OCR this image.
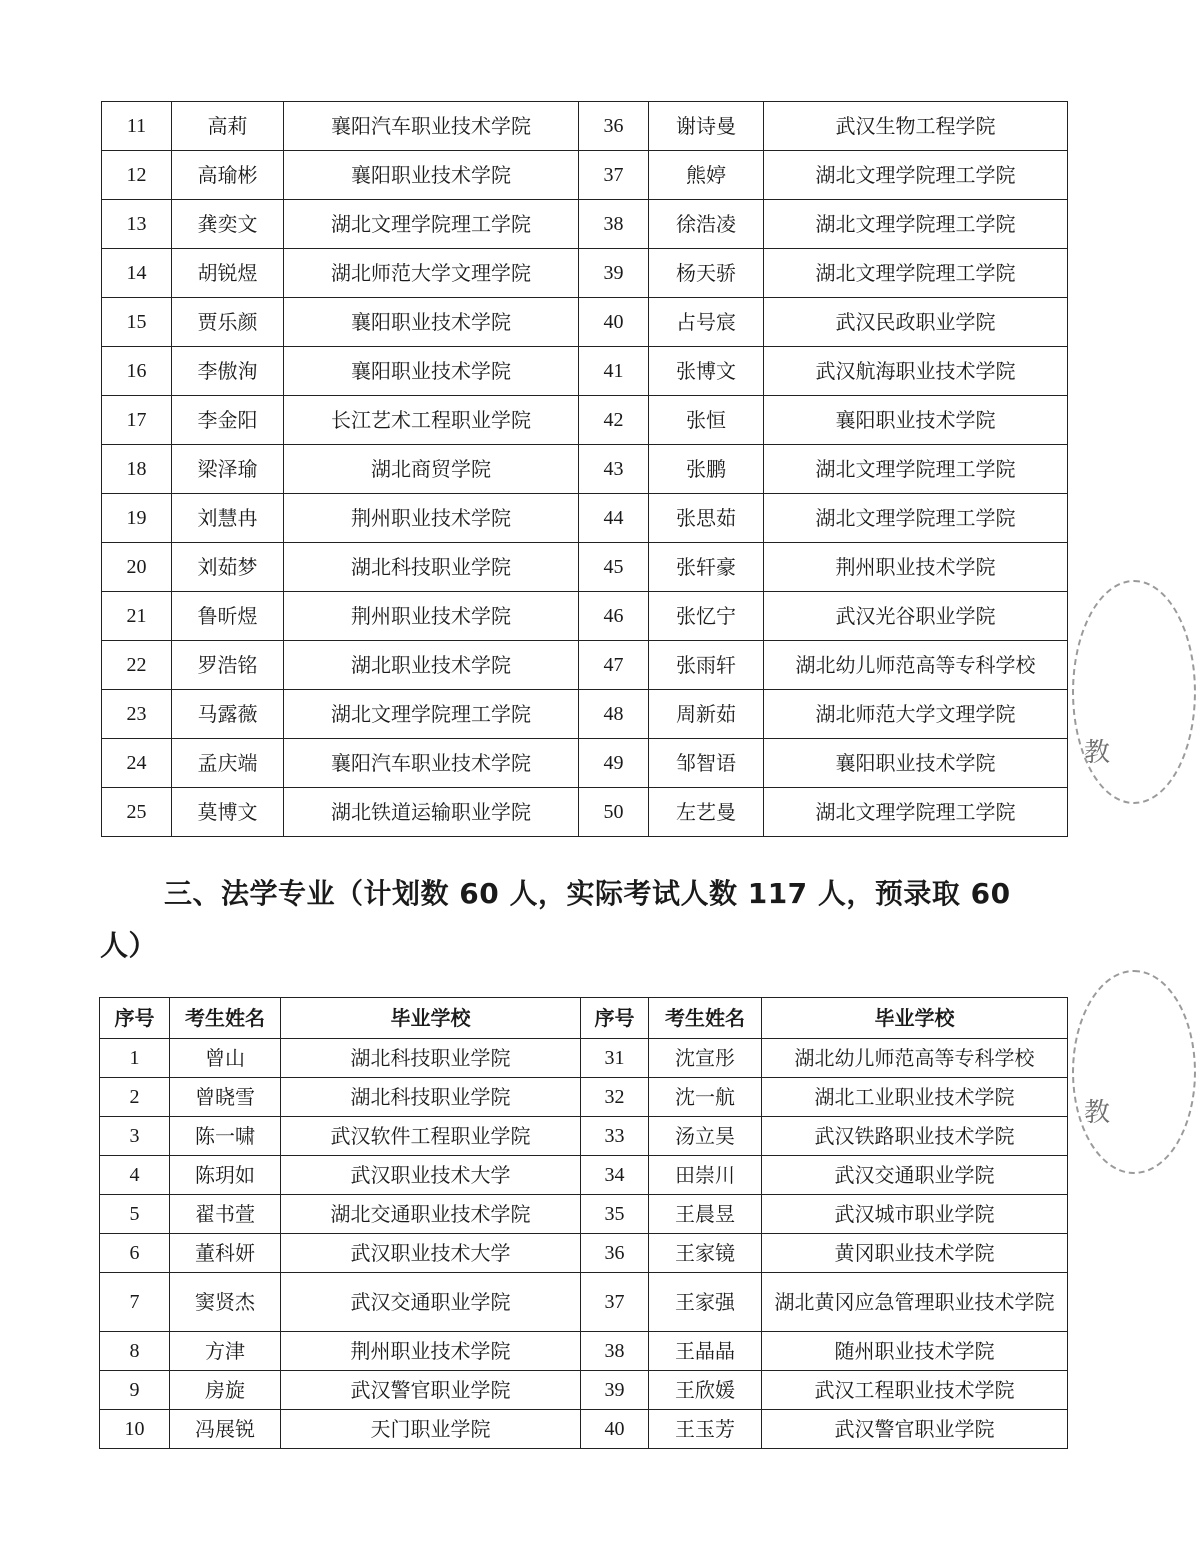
11	高莉	襄阳汽车职业技术学院	36	谢诗曼	武汉生物工程学院
12	高瑜彬	襄阳职业技术学院	37	熊婷	湖北文理学院理工学院
13	龚奕文	湖北文理学院理工学院	38	徐浩凌	湖北文理学院理工学院
14	胡锐煜	湖北师范大学文理学院	39	杨天骄	湖北文理学院理工学院
15	贾乐颜	襄阳职业技术学院	40	占号宸	武汉民政职业学院
16	李傲洵	襄阳职业技术学院	41	张博文	武汉航海职业技术学院
17	李金阳	长江艺术工程职业学院	42	张恒	襄阳职业技术学院
18	梁泽瑜	湖北商贸学院	43	张鹏	湖北文理学院理工学院
19	刘慧冉	荆州职业技术学院	44	张思茹	湖北文理学院理工学院
20	刘茹梦	湖北科技职业学院	45	张轩豪	荆州职业技术学院
21	鲁昕煜	荆州职业技术学院	46	张忆宁	武汉光谷职业学院
22	罗浩铭	湖北职业技术学院	47	张雨轩	湖北幼儿师范高等专科学校
23	马露薇	湖北文理学院理工学院	48	周新茹	湖北师范大学文理学院
24	孟庆端	襄阳汽车职业技术学院	49	邹智语	襄阳职业技术学院
25	莫博文	湖北铁道运输职业学院	50	左艺曼	湖北文理学院理工学院
三、法学专业（计划数 60 人，实际考试人数 117 人，预录取 60 人）
序号	考生姓名	毕业学校	序号	考生姓名	毕业学校
1	曾山	湖北科技职业学院	31	沈宣彤	湖北幼儿师范高等专科学校
2	曾晓雪	湖北科技职业学院	32	沈一航	湖北工业职业技术学院
3	陈一啸	武汉软件工程职业学院	33	汤立昊	武汉铁路职业技术学院
4	陈玥如	武汉职业技术大学	34	田崇川	武汉交通职业学院
5	翟书萱	湖北交通职业技术学院	35	王晨昱	武汉城市职业学院
6	董科妍	武汉职业技术大学	36	王家镜	黄冈职业技术学院
7	窦贤杰	武汉交通职业学院	37	王家强	湖北黄冈应急管理职业技术学院
8	方津	荆州职业技术学院	38	王晶晶	随州职业技术学院
9	房旋	武汉警官职业学院	39	王欣媛	武汉工程职业技术学院
10	冯展锐	天门职业学院	40	王玉芳	武汉警官职业学院
教
教
